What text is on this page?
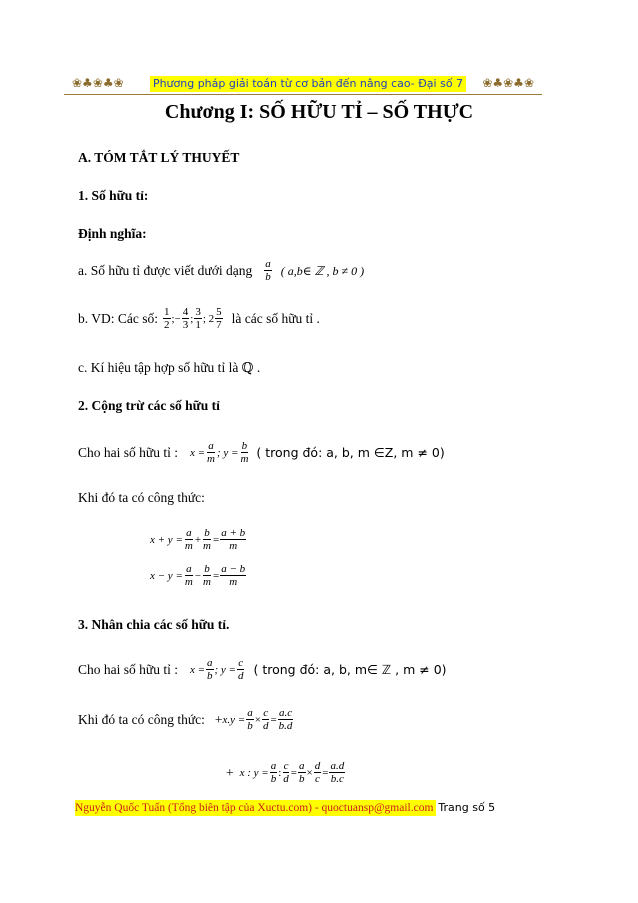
❀♣❀♣❀	Phương pháp giải toán từ cơ bản đến nâng cao- Đại số 7 ❀♣❀♣❀
Chương I: SỐ HỮU TỈ – SỐ THỰC
A. TÓM TẮT LÝ THUYẾT
1. Số hữu tỉ:
Định nghĩa:
a. Số hữu tỉ được viết dưới dạng $\frac{a}{b}$ ( a,b∈ ℤ , b ≠ 0 )
b. VD: Các số: $\frac{1}{2}$ ;− $\frac{4}{3}$ ; $\frac{3}{1}$ ; $2 \frac{5}{7}$ là các số hữu tỉ .
c. Kí hiệu tập hợp số hữu tỉ là ℚ .
2. Cộng trừ các số hữu tỉ
Cho hai số hữu tỉ : $x = \frac{a}{m}$ ; $y = \frac{b}{m}$ ( trong đó: a, b, m ∈Z, m ≠ 0)
Khi đó ta có công thức:
$x + y = \frac{a}{m} + \frac{b}{m} = \frac{a + b}{m}$
$x - y = \frac{a}{m} - \frac{b}{m} = \frac{a - b}{m}$
3. Nhân chia các số hữu tỉ.
Cho hai số hữu tỉ : $x = \frac{a}{b}$ ; $y = \frac{c}{d}$ ( trong đó: a, b, m∈ ℤ , m ≠ 0)
Khi đó ta có công thức: + $x.y = \frac{a}{b} \times \frac{c}{d} = \frac{a.c}{b.d}$
+ x : $y = \frac{a}{b}$ : $\frac{c}{d} = \frac{a}{b} \times \frac{d}{c} = \frac{a.d}{b.c}$
Nguyễn Quốc Tuấn (Tổng biên tập của Xuctu.com) - quoctuansp@gmail.com Trang số 5
